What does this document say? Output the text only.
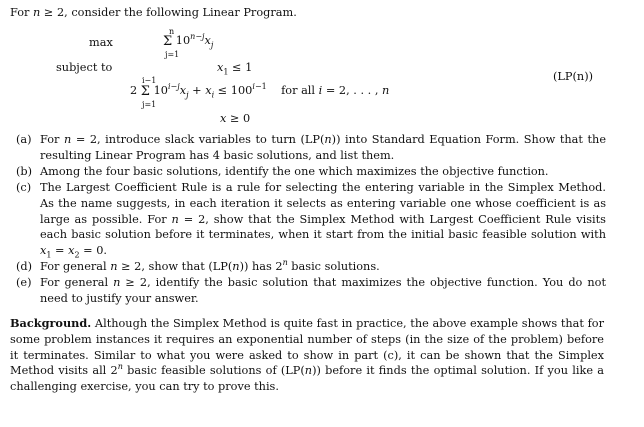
For n ≥ 2, consider the following Linear Program.
max
n
Σ $10^{n-j}x_j$
j=1
subject to	$x_1 \le 1$
(LP(n))
i−1
2 Σ $10^{i-j}x_j + x_i \le 100^{i-1}$    for all i = 2, . . . , n
j=1
x ≥ 0
(a) For n = 2, introduce slack variables to turn (LP(n)) into Standard Equation Form. Show that the resulting Linear Program has 4 basic solutions, and list them.
(b) Among the four basic solutions, identify the one which maximizes the objective function.
(c) The Largest Coefficient Rule is a rule for selecting the entering variable in the Simplex Method. As the name suggests, in each iteration it selects as entering variable one whose coefficient is as large as possible. For n = 2, show that the Simplex Method with Largest Coefficient Rule visits each basic solution before it terminates, when it start from the initial basic feasible solution with $x_1 = x_2 = 0$.
(d) For general n ≥ 2, show that (LP(n)) has 2$^n$ basic solutions.
(e) For general n ≥ 2, identify the basic solution that maximizes the objective function. You do not need to justify your answer.
Background. Although the Simplex Method is quite fast in practice, the above example shows that for some problem instances it requires an exponential number of steps (in the size of the problem) before it terminates. Similar to what you were asked to show in part (c), it can be shown that the Simplex Method visits all 2$^n$ basic feasible solutions of (LP(n)) before it finds the optimal solution. If you like a challenging exercise, you can try to prove this.
